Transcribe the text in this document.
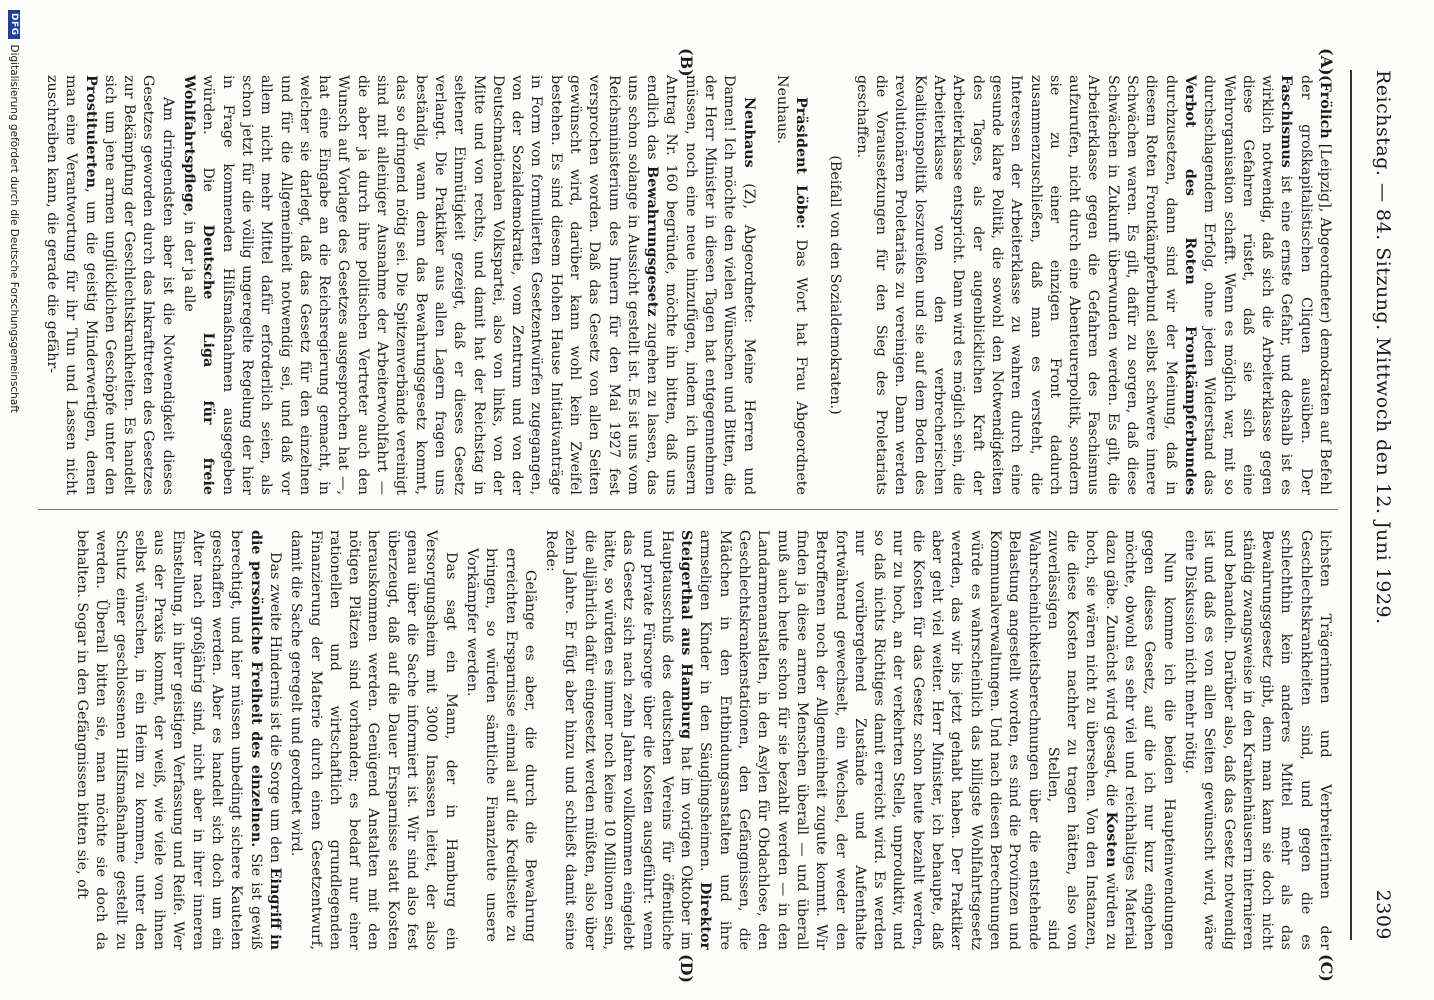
Reichstag. — 84. Sitzung. Mittwoch den 12. Juni 1929.
2309
(A)
(B)
(C)
(D)

(Frölich [Leipzig], Abgeordneter) demokraten auf Befehl der großkapitalistischen Cliquen ausüben. Der Faschismus ist eine ernste Gefahr, und deshalb ist es wirklich notwendig, daß sich die Arbeiterklasse gegen diese Gefahren rüstet, daß sie sich eine Wehrorganisation schafft. Wenn es möglich war, mit so durchschlagendem Erfolg, ohne jeden Widerstand das Verbot des Roten Frontkämpferbundes durchzusetzen, dann sind wir der Meinung, daß in diesem Roten Frontkämpferbund selbst schwere innere Schwächen waren. Es gilt, dafür zu sorgen, daß diese Schwächen in Zukunft überwunden werden. Es gilt, die Arbeiterklasse gegen die Gefahren des Faschismus aufzurufen, nicht durch eine Abenteurerpolitik, sondern sie zu einer einzigen Front dadurch zusammenzuschließen, daß man es versteht, die Interessen der Arbeiterklasse zu wahren durch eine gesunde klare Politik, die sowohl den Notwendigkeiten des Tages, als der augenblicklichen Kraft der Arbeiterklasse entspricht. Dann wird es möglich sein, die Arbeiterklasse von den verbrecherischen Koalitionspolitik loszureißen und sie auf dem Boden des revolutionären Proletariats zu vereinigen. Dann werden die Voraussetzungen für den Sieg des Proletariats geschaffen.

(Beifall von den Sozialdemokraten.)

Präsident Löbe: Das Wort hat Frau Abgeordnete Neuhaus.

Neuhaus (Z), Abgeordnete: Meine Herren und Damen! Ich möchte den vielen Wünschen und Bitten, die der Herr Minister in diesen Tagen hat entgegennehmen müssen, noch eine neue hinzufügen, indem ich unsern Antrag Nr. 160 begründe, möchte ihn bitten, daß uns endlich das Bewahrungsgesetz zugehen zu lassen, das uns schon solange in Aussicht gestellt ist. Es ist uns vom Reichsministerium des Innern für den Mai 1927 fest versprochen worden. Daß das Gesetz von allen Seiten gewünscht wird, darüber kann wohl kein Zweifel bestehen. Es sind diesem Hohen Hause Initiativanträge in Form von formulierten Gesetzentwürfen zugegangen, von der Sozialdemokratie, vom Zentrum und von der Deutschnationalen Volkspartei, also von links, von der Mitte und von rechts, und damit hat der Reichstag in seltener Einmütigkeit gezeigt, daß er dieses Gesetz verlangt. Die Praktiker aus allen Lagern fragen uns beständig, wann denn das Bewahrungsgesetz kommt, das so dringend nötig sei. Die Spitzenverbände vereinigt sind mit alleiniger Ausnahme der Arbeiterwohlfahrt — die aber ja durch ihre politischen Vertreter auch den Wunsch auf Vorlage des Gesetzes ausgesprochen hat —, hat eine Eingabe an die Reichsregierung gemacht, in welcher sie darlegt, daß das Gesetz für den einzelnen und für die Allgemeinheit notwendig sei, und daß vor allem nicht mehr Mittel dafür erforderlich seien, als schon jetzt für die völlig ungeregelte Regelung der hier in Frage kommenden Hilfsmaßnahmen ausgegeben würden. Die Deutsche Liga für freie Wohlfahrtspflege, in der ja alle

Am dringendsten aber ist die Notwendigkeit dieses Gesetzes geworden durch das Inkrafttreten des Gesetzes zur Bekämpfung der Geschlechtskrankheiten. Es handelt sich um jene armen unglücklichen Geschöpfe unter den Prostituierten, um die geistig Minderwertigen, denen man eine Verantwortung für ihr Tun und Lassen nicht zuschreiben kann, die gerade die gefähr-

lichsten Trägerinnen und Verbreiterinnen der Geschlechtskrankheiten sind, und gegen die es schlechthin kein anderes Mittel mehr als das Bewahrungsgesetz gibt, denn man kann sie doch nicht ständig zwangsweise in den Krankenhäusern internieren und behandeln. Darüber also, daß das Gesetz notwendig ist und daß es von allen Seiten gewünscht wird, wäre eine Diskussion nicht mehr nötig.

Nun komme ich die beiden Haupteinwendungen gegen dieses Gesetz, auf die ich nur kurz eingehen möchte, obwohl es sehr viel und reichhaltiges Material dazu gäbe. Zunächst wird gesagt, die Kosten würden zu hoch, sie wären nicht zu übersehen. Von den Instanzen, die diese Kosten nachher zu tragen hätten, also von zuverlässigen Stellen, sind Wahrscheinlichkeitsberechnungen über die entstehende Belastung angestellt worden, es sind die Provinzen und Kommunalverwaltungen. Und nach diesen Berechnungen würde es wahrscheinlich das billigste Wohlfahrtsgesetz werden, das wir bis jetzt gehabt haben. Der Praktiker aber geht viel weiter. Herr Minister, ich behaupte, daß die Kosten für das Gesetz schon heute bezahlt werden, nur zu hoch, an der verkehrten Stelle, unproduktiv, und so daß nichts Richtiges damit erreicht wird. Es werden nur vorübergehend Zustände und Aufenthalte fortwährend gewechselt, ein Wechsel, der weder den Betroffenen noch der Allgemeinheit zugute kommt. Wir finden ja diese armen Menschen überall — und überall muß auch heute schon für sie bezahlt werden — in den Landarmenanstalten, in den Asylen für Obdachlose, den Geschlechtskrankenstationen, den Gefängnissen, die Mädchen in den Entbindungsanstalten und ihre armseligen Kinder in den Säuglingsheimen. Direktor Steigerthal aus Hamburg hat im vorigen Oktober im Hauptausschuß des deutschen Vereins für öffentliche und private Fürsorge über die Kosten ausgeführt: wenn das Gesetz sich nach zehn Jahren vollkommen eingelebt hätte, so würden es immer noch keine 10 Millionen sein, die alljährlich dafür eingesetzt werden müßten, also über zehn Jahre. Er fügt aber hinzu und schließt damit seine Rede:

Gelänge es aber, die durch die Bewahrung erreichten Ersparnisse einmal auf die Kreditseite zu bringen, so würden sämtliche Finanzleute unsere Vorkämpfer werden.

Das sagt ein Mann, der in Hamburg ein Versorgungsheim mit 3000 Insassen leitet, der also genau über die Sache informiert ist. Wir sind also fest überzeugt, daß auf die Dauer Ersparnisse statt Kosten herauskommen werden. Genügend Anstalten mit den nötigen Plätzen sind vorhanden; es bedarf nur einer rationellen und wirtschaftlich grundlegenden Finanzierung der Materie durch einen Gesetzentwurf, damit die Sache geregelt und geordnet wird.

Das zweite Hindernis ist die Sorge um den Eingriff in die persönliche Freiheit des einzelnen. Sie ist gewiß berechtigt, und hier müssen unbedingt sichere Kautelen geschaffen werden. Aber es handelt sich doch um ein Alter nach großjährig sind, nicht aber in ihrer inneren Einstellung, in ihrer geistigen Verfassung und Reife. Wer aus der Praxis kommt, der weiß, wie viele von ihnen selbst wünschen, in ein Heim zu kommen, unter den Schutz einer geschlossenen Hilfsmaßnahme gestellt zu werden. Überall bitten sie, man möchte sie doch da behalten. Sogar in den Gefängnissen bitten sie, oft

DFG
Digitalisierung gefördert durch die Deutsche Forschungsgemeinschaft
